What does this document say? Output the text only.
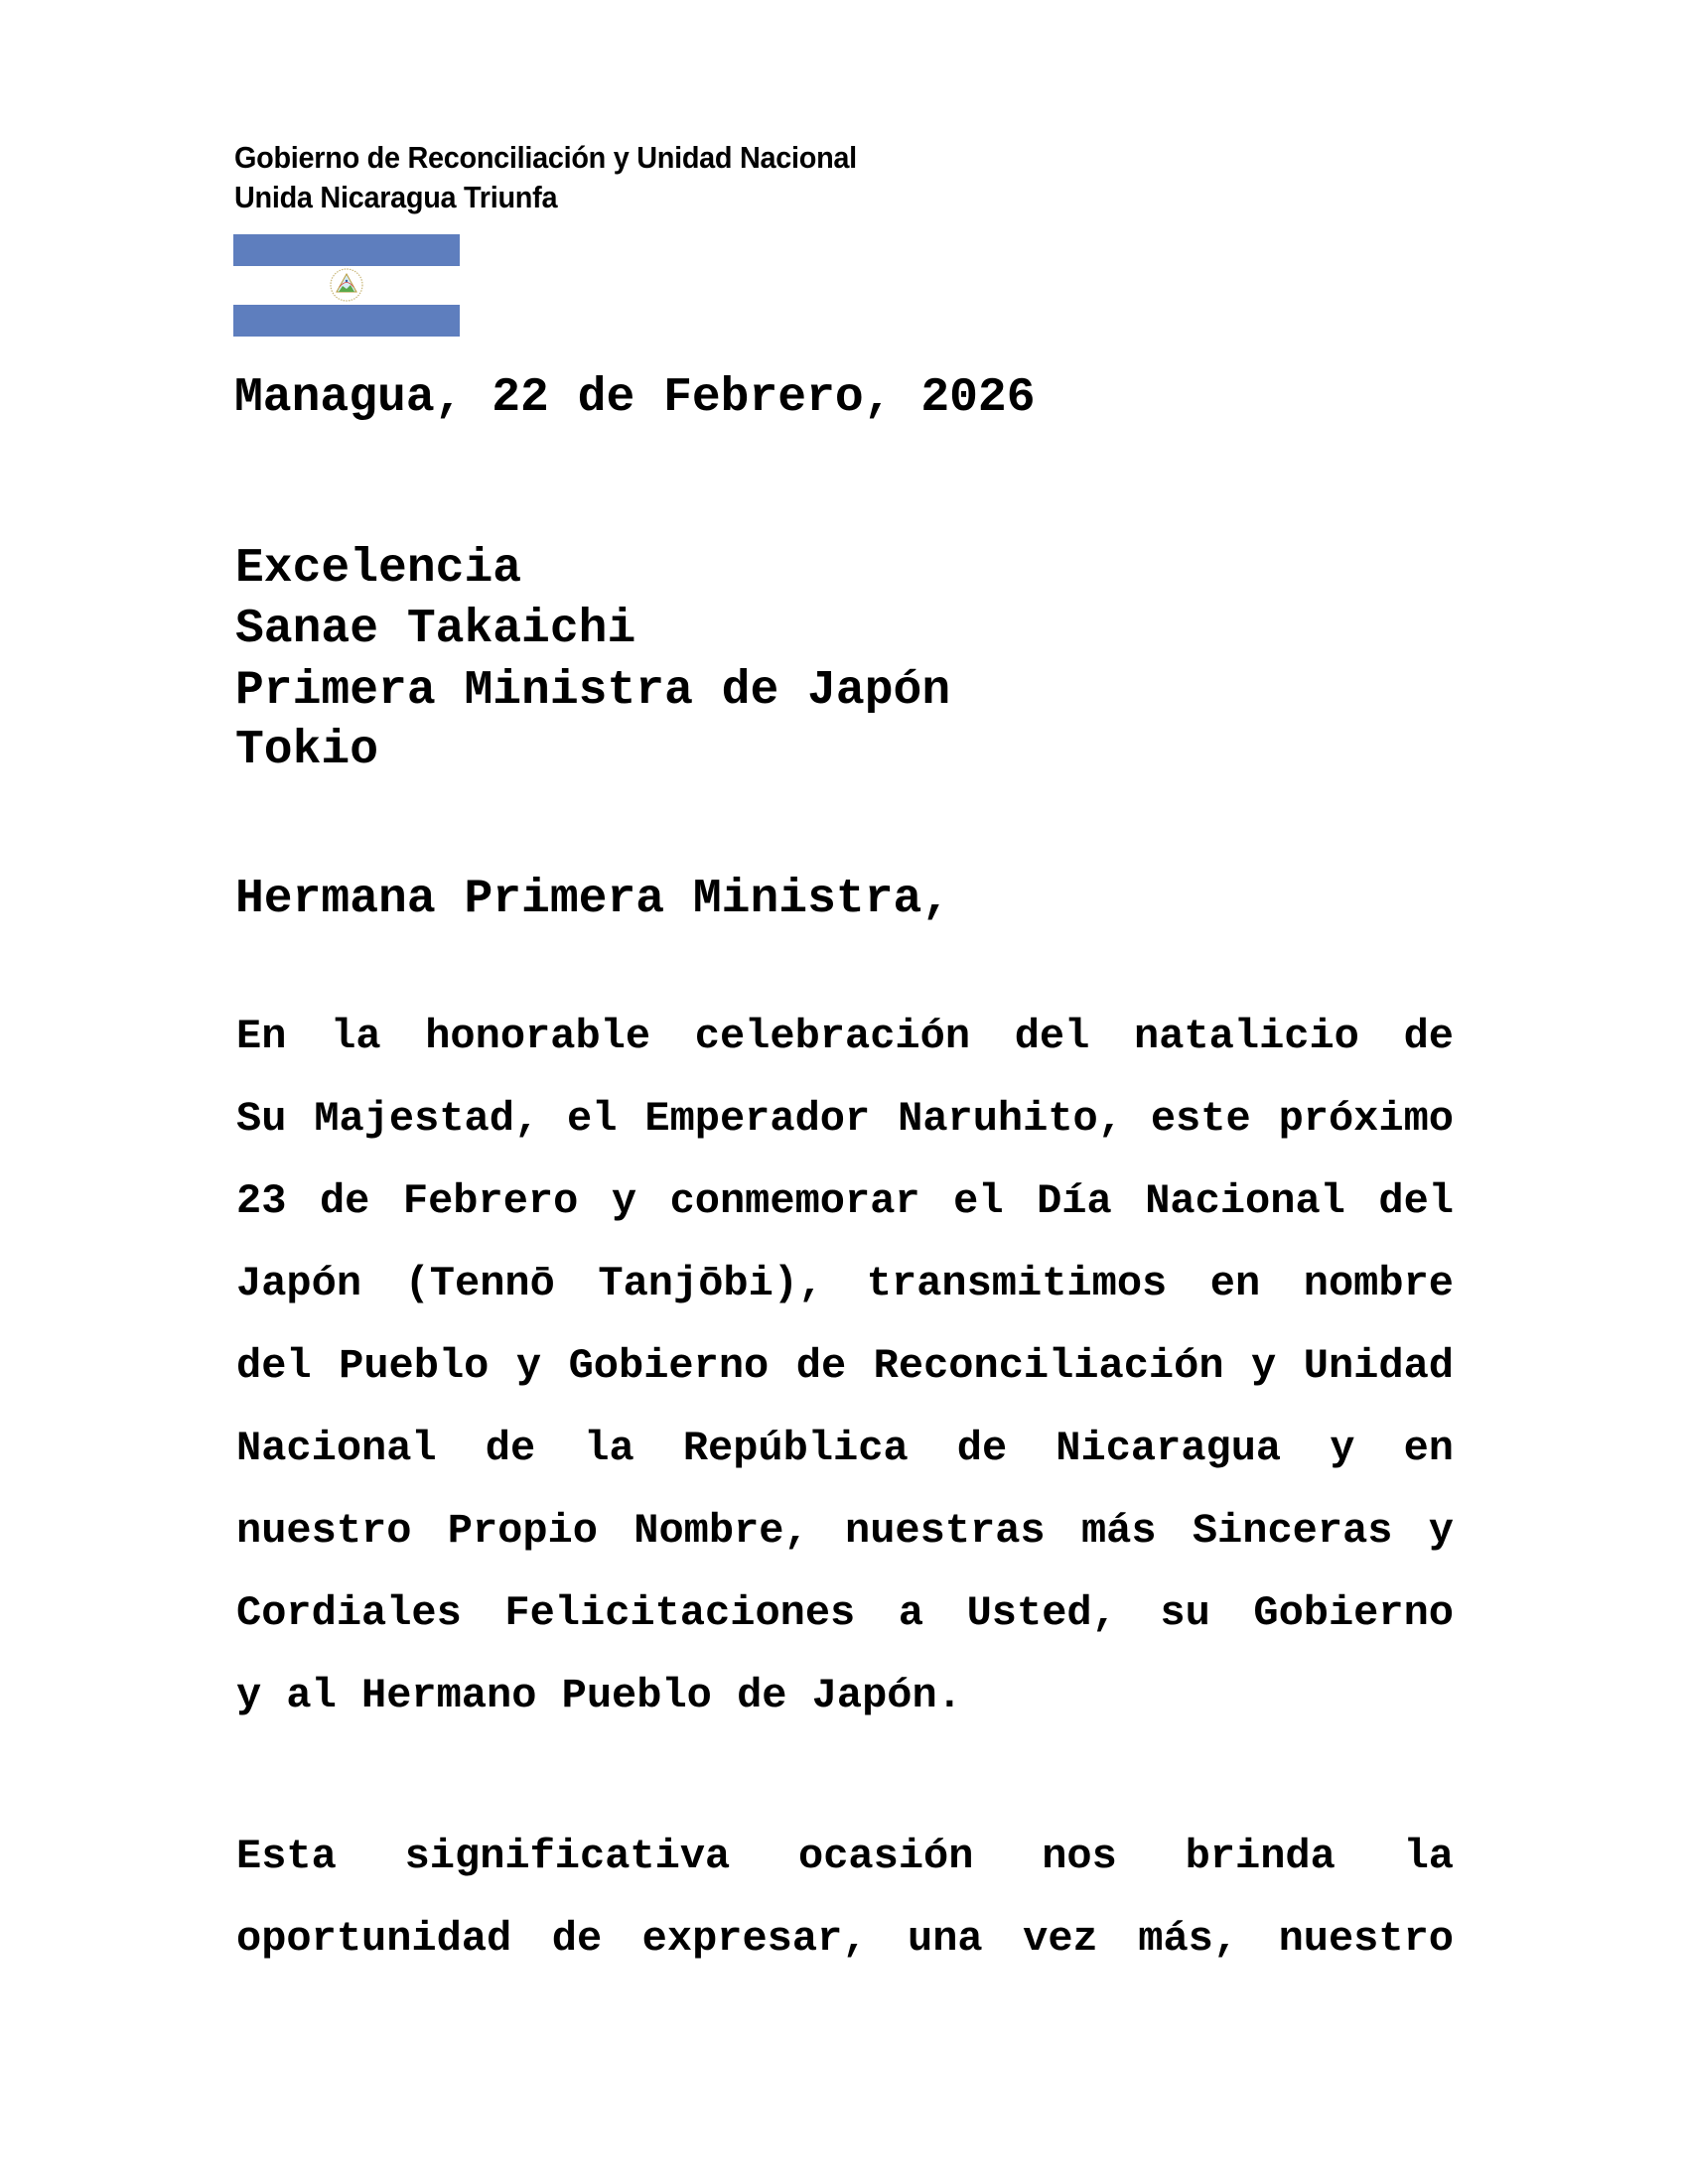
Gobierno de Reconciliación y Unidad Nacional
Unida Nicaragua Triunfa
Managua, 22 de Febrero, 2026
Excelencia
Sanae Takaichi
Primera Ministra de Japón
Tokio
Hermana Primera Ministra,
En la honorable celebración del natalicio de
Su Majestad, el Emperador Naruhito, este próximo
23 de Febrero y conmemorar el Día Nacional del
Japón (Tennō Tanjōbi), transmitimos en nombre
del Pueblo y Gobierno de Reconciliación y Unidad
Nacional de la República de Nicaragua y en
nuestro Propio Nombre, nuestras más Sinceras y
Cordiales Felicitaciones a Usted, su Gobierno
y al Hermano Pueblo de Japón.
Esta significativa ocasión nos brinda la
oportunidad de expresar, una vez más, nuestro
